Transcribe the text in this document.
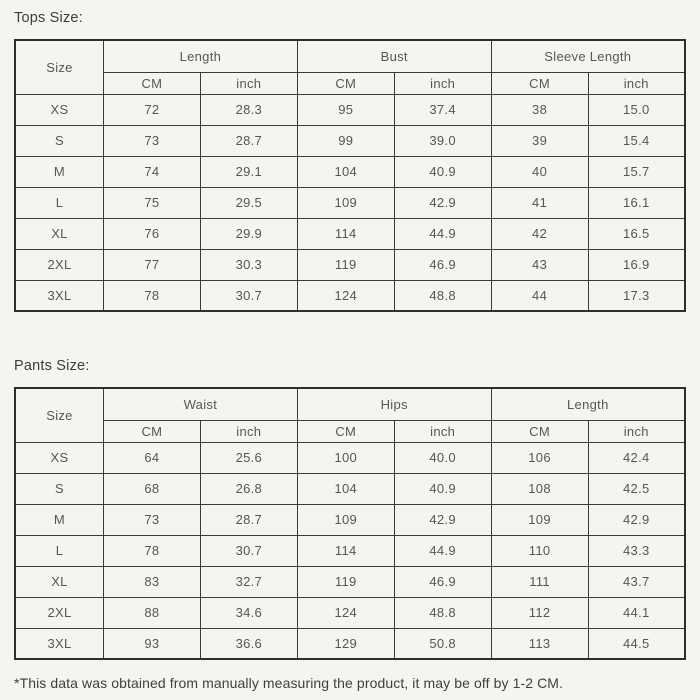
Tops Size:

Size	Length		Bust		Sleeve Length	
	CM	inch	CM	inch	CM	inch
XS	72	28.3	95	37.4	38	15.0
S	73	28.7	99	39.0	39	15.4
M	74	29.1	104	40.9	40	15.7
L	75	29.5	109	42.9	41	16.1
XL	76	29.9	114	44.9	42	16.5
2XL	77	30.3	119	46.9	43	16.9
3XL	78	30.7	124	48.8	44	17.3

Pants Size:

Size	Waist		Hips		Length	
	CM	inch	CM	inch	CM	inch
XS	64	25.6	100	40.0	106	42.4
S	68	26.8	104	40.9	108	42.5
M	73	28.7	109	42.9	109	42.9
L	78	30.7	114	44.9	110	43.3
XL	83	32.7	119	46.9	111	43.7
2XL	88	34.6	124	48.8	112	44.1
3XL	93	36.6	129	50.8	113	44.5

*This data was obtained from manually measuring the product, it may be off by 1-2 CM.
